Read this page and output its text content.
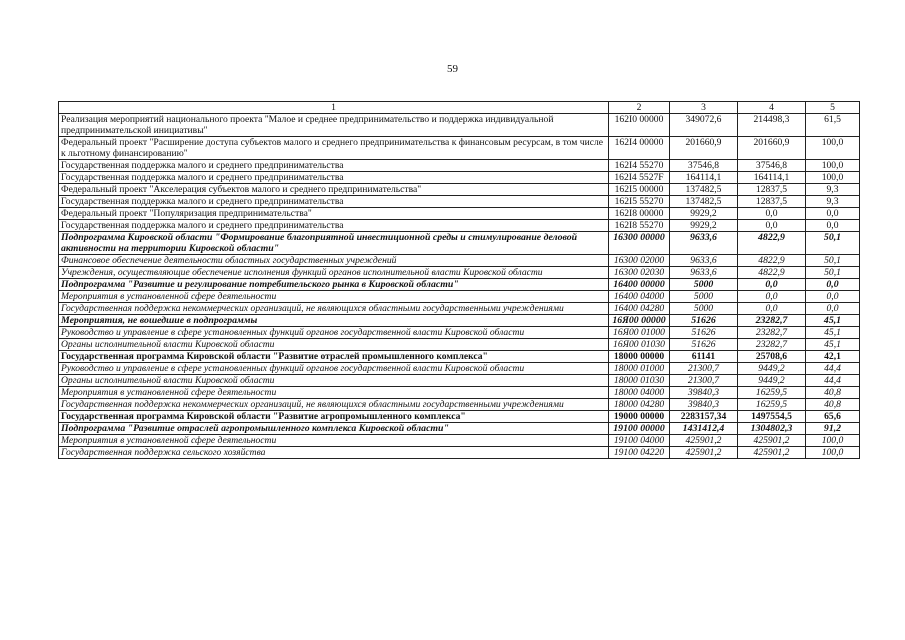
59
1	2	3	4	5
Реализация мероприятий национального проекта "Малое и среднее предпринимательство и поддержка индивидуальной предпринимательской инициативы"	162I0 00000	349072,6	214498,3	61,5
Федеральный проект "Расширение доступа субъектов малого и среднего предпринимательства к финансовым ресурсам, в том числе к льготному финансированию"	162I4 00000	201660,9	201660,9	100,0
Государственная поддержка малого и среднего предпринимательства	162I4 55270	37546,8	37546,8	100,0
Государственная поддержка малого и среднего предпринимательства	162I4 5527F	164114,1	164114,1	100,0
Федеральный проект "Акселерация субъектов малого и среднего предпринимательства"	162I5 00000	137482,5	12837,5	9,3
Государственная поддержка малого и среднего предпринимательства	162I5 55270	137482,5	12837,5	9,3
Федеральный проект "Популяризация предпринимательства"	162I8 00000	9929,2	0,0	0,0
Государственная поддержка малого и среднего предпринимательства	162I8 55270	9929,2	0,0	0,0
Подпрограмма Кировской области "Формирование благоприятной инвестиционной среды и стимулирование деловой активности на территории Кировской области"	16300 00000	9633,6	4822,9	50,1
Финансовое обеспечение деятельности областных государственных учреждений	16300 02000	9633,6	4822,9	50,1
Учреждения, осуществляющие обеспечение исполнения функций органов исполнительной власти Кировской области	16300 02030	9633,6	4822,9	50,1
Подпрограмма "Развитие и регулирование потребительского рынка в Кировской области"	16400 00000	5000	0,0	0,0
Мероприятия в установленной сфере деятельности	16400 04000	5000	0,0	0,0
Государственная поддержка некоммерческих организаций, не являющихся областными государственными учреждениями	16400 04280	5000	0,0	0,0
Мероприятия, не вошедшие в подпрограммы	16Я00 00000	51626	23282,7	45,1
Руководство и управление в сфере установленных функций органов государственной власти Кировской области	16Я00 01000	51626	23282,7	45,1
Органы исполнительной власти Кировской области	16Я00 01030	51626	23282,7	45,1
Государственная программа Кировской области "Развитие отраслей промышленного комплекса"	18000 00000	61141	25708,6	42,1
Руководство и управление в сфере установленных функций органов государственной власти Кировской области	18000 01000	21300,7	9449,2	44,4
Органы исполнительной власти Кировской области	18000 01030	21300,7	9449,2	44,4
Мероприятия в установленной сфере деятельности	18000 04000	39840,3	16259,5	40,8
Государственная поддержка некоммерческих организаций, не являющихся областными государственными учреждениями	18000 04280	39840,3	16259,5	40,8
Государственная программа Кировской области "Развитие агропромышленного комплекса"	19000 00000	2283157,34	1497554,5	65,6
Подпрограмма "Развитие отраслей агропромышленного комплекса Кировской области"	19100 00000	1431412,4	1304802,3	91,2
Мероприятия в установленной сфере деятельности	19100 04000	425901,2	425901,2	100,0
Государственная поддержка сельского хозяйства	19100 04220	425901,2	425901,2	100,0
